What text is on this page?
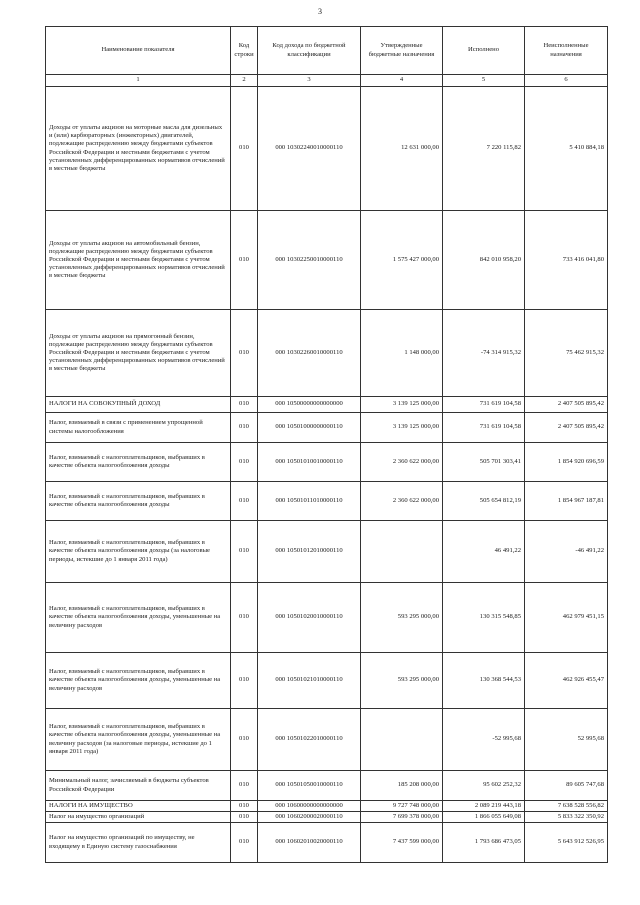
3
Наименование показателя	Код строки	Код дохода по бюджетной классификации	Утвержденные бюджетные назначения	Исполнено	Неисполненные назначения
1	2	3	4	5	6
Доходы от уплаты акцизов на моторные масла для дизельных и (или) карбюраторных (инжекторных) двигателей, подлежащие распределению между бюджетами субъектов Российской Федерации и местными бюджетами с учетом установленных дифференцированных нормативов отчислений в местные бюджеты	010	000 10302240010000110	12 631 000,00	7 220 115,82	5 410 884,18
Доходы от уплаты акцизов на автомобильный бензин, подлежащие распределению между бюджетами субъектов Российской Федерации и местными бюджетами с учетом установленных дифференцированных нормативов отчислений в местные бюджеты	010	000 10302250010000110	1 575 427 000,00	842 010 958,20	733 416 041,80
Доходы от уплаты акцизов на прямогонный бензин, подлежащие распределению между бюджетами субъектов Российской Федерации и местными бюджетами с учетом установленных дифференцированных нормативов отчислений в местные бюджеты	010	000 10302260010000110	1 148 000,00	-74 314 915,32	75 462 915,32
НАЛОГИ НА СОВОКУПНЫЙ ДОХОД	010	000 10500000000000000	3 139 125 000,00	731 619 104,58	2 407 505 895,42
Налог, взимаемый в связи с применением упрощенной системы налогообложения	010	000 10501000000000110	3 139 125 000,00	731 619 104,58	2 407 505 895,42
Налог, взимаемый с налогоплательщиков, выбравших в качестве объекта налогообложения доходы	010	000 10501010010000110	2 360 622 000,00	505 701 303,41	1 854 920 696,59
Налог, взимаемый с налогоплательщиков, выбравших в качестве объекта налогообложения доходы	010	000 10501011010000110	2 360 622 000,00	505 654 812,19	1 854 967 187,81
Налог, взимаемый с налогоплательщиков, выбравших в качестве объекта налогообложения доходы (за налоговые периоды, истекшие до 1 января 2011 года)	010	000 10501012010000110		46 491,22	-46 491,22
Налог, взимаемый с налогоплательщиков, выбравших в качестве объекта налогообложения доходы, уменьшенные на величину расходов	010	000 10501020010000110	593 295 000,00	130 315 548,85	462 979 451,15
Налог, взимаемый с налогоплательщиков, выбравших в качестве объекта налогообложения доходы, уменьшенные на величину расходов	010	000 10501021010000110	593 295 000,00	130 368 544,53	462 926 455,47
Налог, взимаемый с налогоплательщиков, выбравших в качестве объекта налогообложения доходы, уменьшенные на величину расходов (за налоговые периоды, истекшие до 1 января 2011 года)	010	000 10501022010000110		-52 995,68	52 995,68
Минимальный налог, зачисляемый в бюджеты субъектов Российской Федерации	010	000 10501050010000110	185 208 000,00	95 602 252,32	89 605 747,68
НАЛОГИ НА ИМУЩЕСТВО	010	000 10600000000000000	9 727 748 000,00	2 089 219 443,18	7 638 528 556,82
Налог на имущество организаций	010	000 10602000020000110	7 699 378 000,00	1 866 055 649,08	5 833 322 350,92
Налог на имущество организаций по имуществу, не входящему в Единую систему газоснабжения	010	000 10602010020000110	7 437 599 000,00	1 793 686 473,05	5 643 912 526,95
